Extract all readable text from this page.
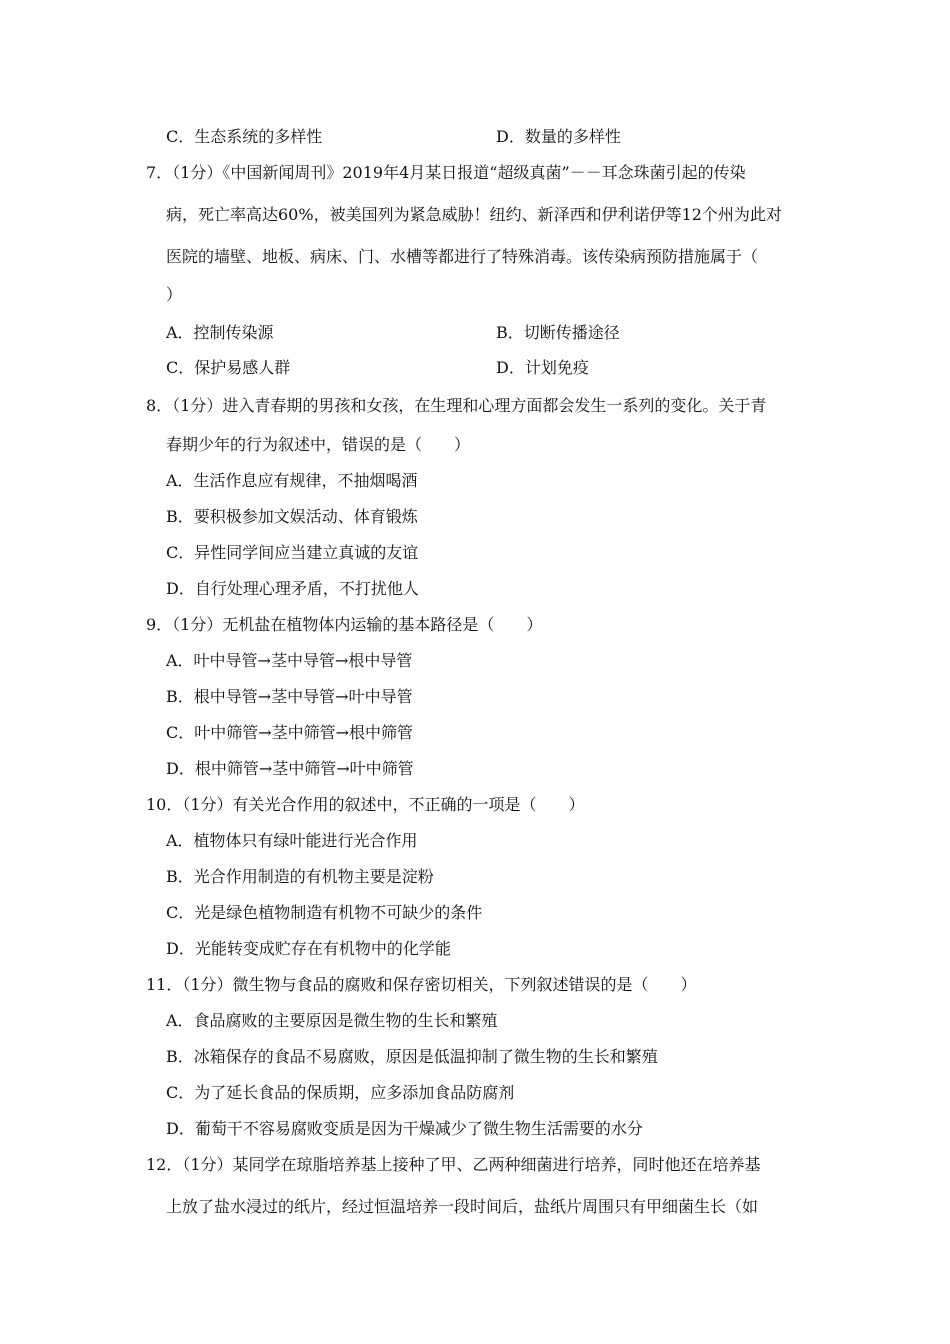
C．生态系统的多样性	D．数量的多样性
7．（1分）《中国新闻周刊》2019年4月某日报道“超级真菌”－－耳念珠菌引起的传染
病，死亡率高达60%，被美国列为紧急威胁！纽约、新泽西和伊利诺伊等12个州为此对
医院的墙壁、地板、病床、门、水槽等都进行了特殊消毒。该传染病预防措施属于（
）
A．控制传染源	B．切断传播途径
C．保护易感人群	D．计划免疫
8．（1分）进入青春期的男孩和女孩，在生理和心理方面都会发生一系列的变化。关于青
春期少年的行为叙述中，错误的是（　　）
A．生活作息应有规律，不抽烟喝酒
B．要积极参加文娱活动、体育锻炼
C．异性同学间应当建立真诚的友谊
D．自行处理心理矛盾，不打扰他人
9．（1分）无机盐在植物体内运输的基本路径是（　　）
A．叶中导管→茎中导管→根中导管
B．根中导管→茎中导管→叶中导管
C．叶中筛管→茎中筛管→根中筛管
D．根中筛管→茎中筛管→叶中筛管
10．（1分）有关光合作用的叙述中，不正确的一项是（　　）
A．植物体只有绿叶能进行光合作用
B．光合作用制造的有机物主要是淀粉
C．光是绿色植物制造有机物不可缺少的条件
D．光能转变成贮存在有机物中的化学能
11．（1分）微生物与食品的腐败和保存密切相关，下列叙述错误的是（　　）
A．食品腐败的主要原因是微生物的生长和繁殖
B．冰箱保存的食品不易腐败，原因是低温抑制了微生物的生长和繁殖
C．为了延长食品的保质期，应多添加食品防腐剂
D．葡萄干不容易腐败变质是因为干燥减少了微生物生活需要的水分
12．（1分）某同学在琼脂培养基上接种了甲、乙两种细菌进行培养，同时他还在培养基
上放了盐水浸过的纸片，经过恒温培养一段时间后，盐纸片周围只有甲细菌生长（如
